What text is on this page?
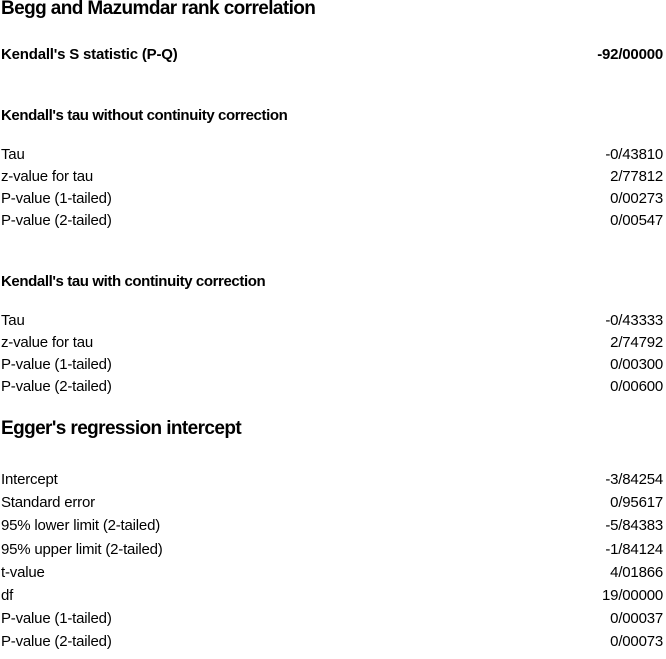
Begg and Mazumdar rank correlation
Kendall's S statistic (P-Q)	-92/00000
Kendall's tau without continuity correction
Tau	-0/43810
z-value for tau	2/77812
P-value (1-tailed)	0/00273
P-value (2-tailed)	0/00547
Kendall's tau with continuity correction
Tau	-0/43333
z-value for tau	2/74792
P-value (1-tailed)	0/00300
P-value (2-tailed)	0/00600
Egger's regression intercept
Intercept	-3/84254
Standard error	0/95617
95% lower limit (2-tailed)	-5/84383
95% upper limit (2-tailed)	-1/84124
t-value	4/01866
df	19/00000
P-value (1-tailed)	0/00037
P-value (2-tailed)	0/00073
